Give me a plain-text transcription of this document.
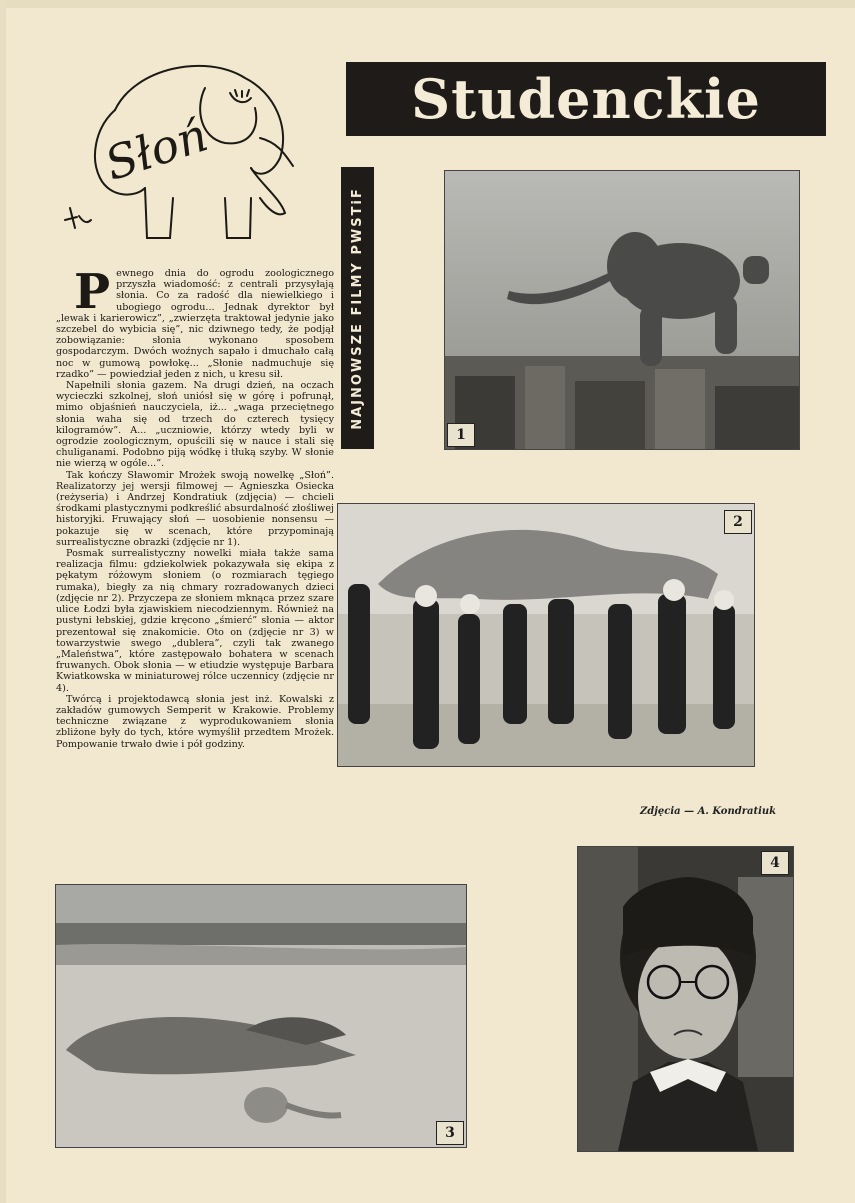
Słoń
Studenckie
NAJNOWSZE FILMY PWSTiF

Pewnego dnia do ogrodu zoologicznego przyszła wiadomość: z centrali przysyłają słonia. Co za radość dla niewielkiego i ubogiego ogrodu... Jednak dyrektor był „lewak i karierowicz”, „zwierzęta traktował jedynie jako szczebel do wybicia się”, nic dziwnego tedy, że podjął zobowiązanie: słonia wykonano sposobem gospodarczym. Dwóch woźnych sapało i dmuchało całą noc w gumową powłokę... „Słonie nadmuchuje się rzadko” — powiedział jeden z nich, u kresu sił.

Napełnili słonia gazem. Na drugi dzień, na oczach wycieczki szkolnej, słoń uniósł się w górę i pofrunął, mimo objaśnień nauczyciela, iż... „waga przeciętnego słonia waha się od trzech do czterech tysięcy kilogramów”. A... „uczniowie, którzy wtedy byli w ogrodzie zoologicznym, opuścili się w nauce i stali się chuliganami. Podobno piją wódkę i tłuką szyby. W słonie nie wierzą w ogóle...”.

Tak kończy Sławomir Mrożek swoją nowelkę „Słoń”. Realizatorzy jej wersji filmowej — Agnieszka Osiecka (reżyseria) i Andrzej Kondratiuk (zdjęcia) — chcieli środkami plastycznymi podkreślić absurdalność złośliwej historyjki. Fruwający słoń — uosobienie nonsensu — pokazuje się w scenach, które przypominają surrealistyczne obrazki (zdjęcie nr 1).

Posmak surrealistyczny nowelki miała także sama realizacja filmu: gdziekolwiek pokazywała się ekipa z pękatym różowym słoniem (o rozmiarach tęgiego rumaka), biegły za nią chmary rozradowanych dzieci (zdjęcie nr 2). Przyczepa ze słoniem mknąca przez szare ulice Łodzi była zjawiskiem niecodziennym. Również na pustyni łebskiej, gdzie kręcono „śmierć” słonia — aktor prezentował się znakomicie. Oto on (zdjęcie nr 3) w towarzystwie swego „dublera”, czyli tak zwanego „Maleństwa”, które zastępowało bohatera w scenach fruwanych. Obok słonia — w etiudzie występuje Barbara Kwiatkowska w miniaturowej rólce uczennicy (zdjęcie nr 4).

Twórcą i projektodawcą słonia jest inż. Kowalski z zakładów gumowych Semperit w Krakowie. Problemy techniczne związane z wyprodukowaniem słonia zbliżone były do tych, które wymyślił przedtem Mrożek. Pompowanie trwało dwie i pół godziny.

1
2
4
3
Zdjęcia — A. Kondratiuk
